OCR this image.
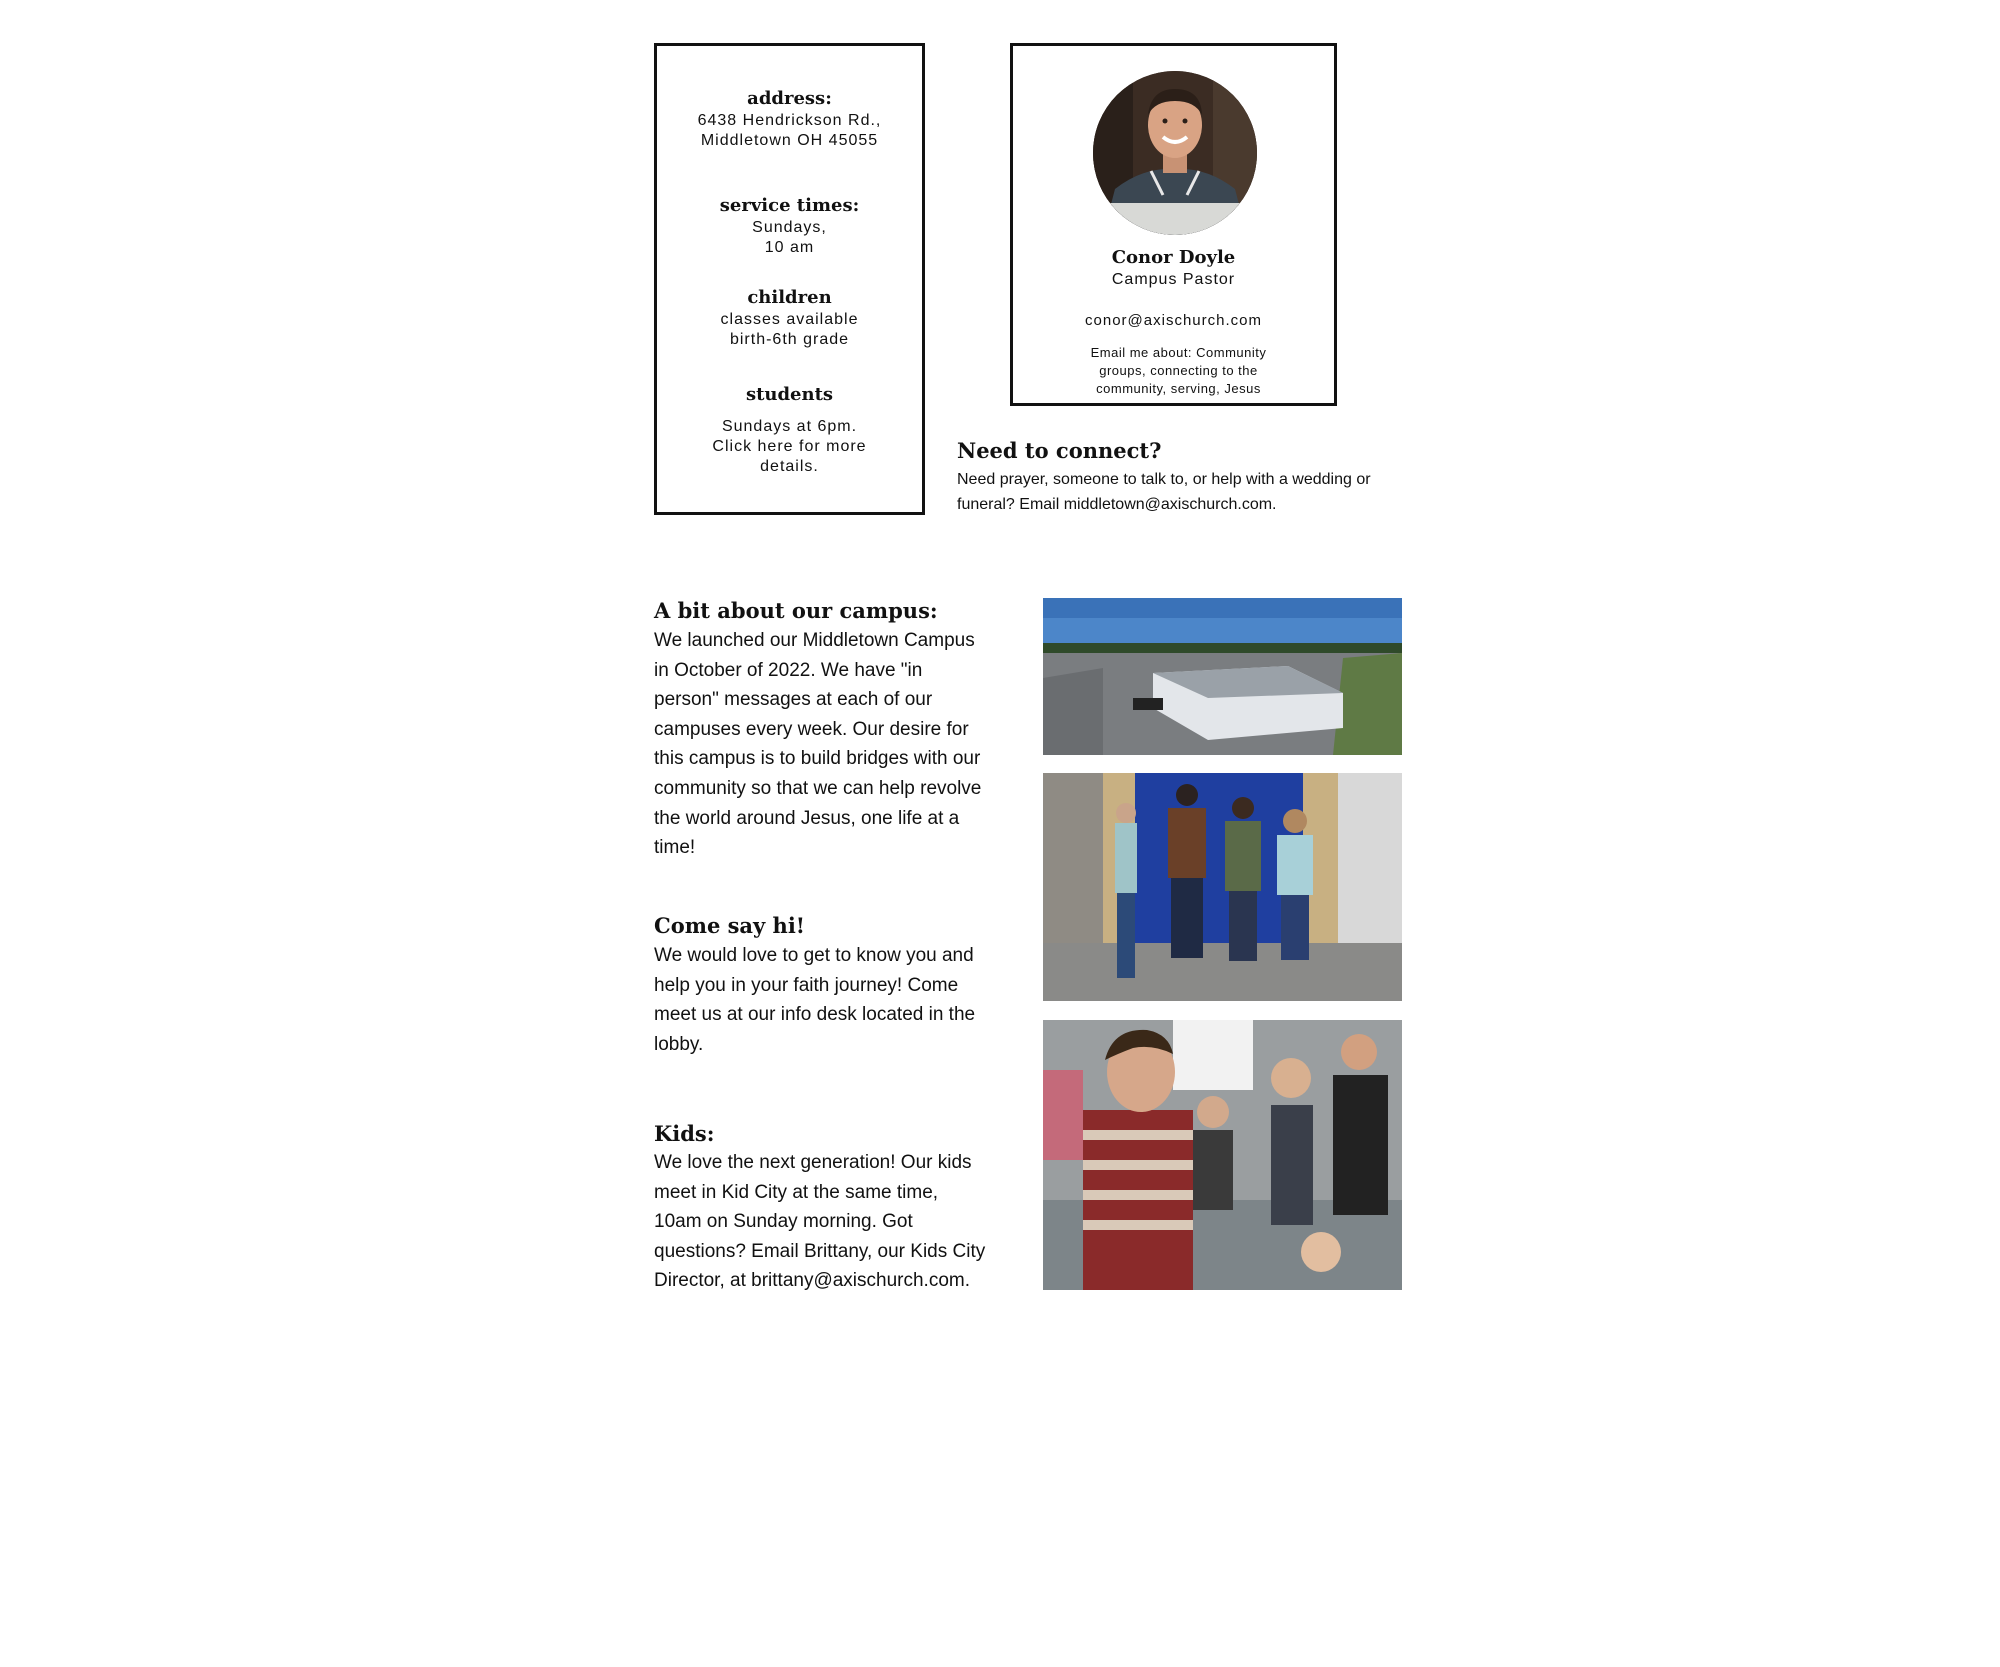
address:
6438 Hendrickson Rd.,
Middletown OH 45055
service times:
Sundays,
10 am
children
classes available
birth-6th grade
students
Sundays at 6pm.
Click here for more
details.
Conor Doyle
Campus Pastor
conor@axischurch.com
Email me about: Community groups, connecting to the community, serving, Jesus
Need to connect?
Need prayer, someone to talk to, or help with a wedding or funeral? Email middletown@axischurch.com.
A bit about our campus:
We launched our Middletown Campus in October of 2022. We have "in person" messages at each of our campuses every week. Our desire for this campus is to build bridges with our community so that we can help revolve the world around Jesus, one life at a time!
Come say hi!
We would love to get to know you and help you in your faith journey! Come meet us at our info desk located in the lobby.
Kids:
We love the next generation! Our kids meet in Kid City at the same time, 10am on Sunday morning. Got questions? Email Brittany, our Kids City Director, at brittany@axischurch.com.
